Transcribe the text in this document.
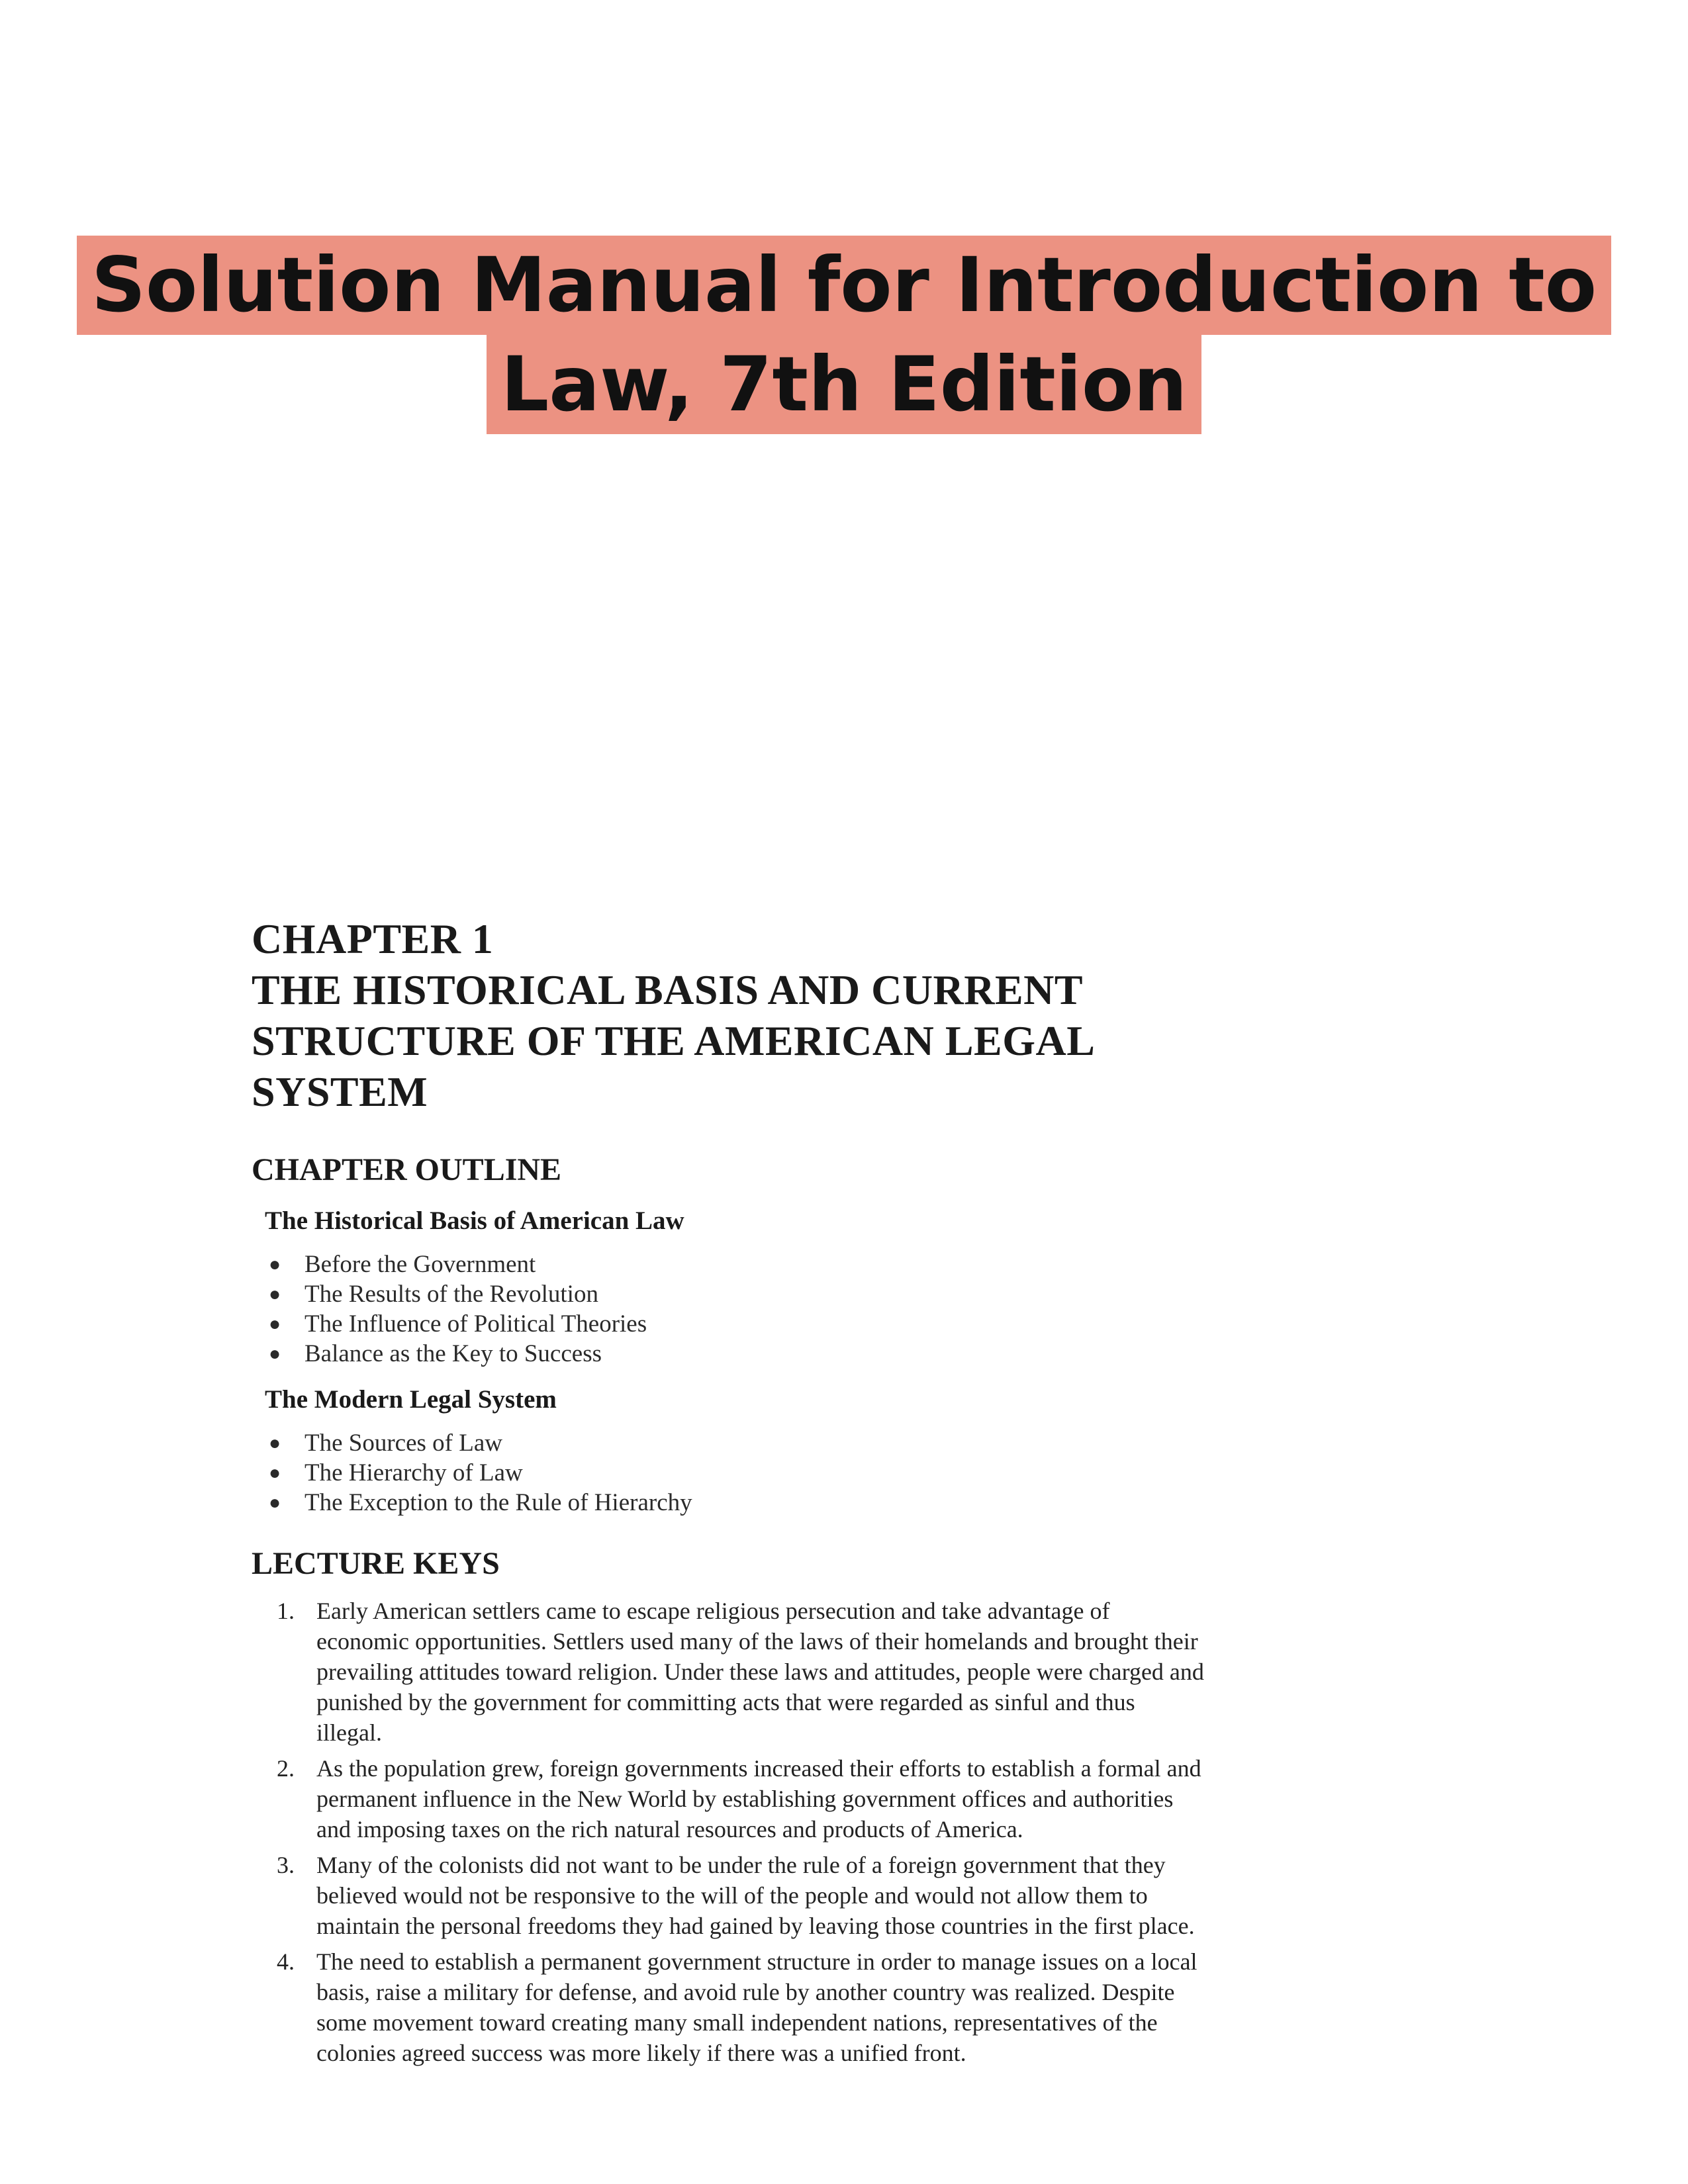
Solution Manual for Introduction to
Law, 7th Edition
CHAPTER 1
THE HISTORICAL BASIS AND CURRENT
STRUCTURE OF THE AMERICAN LEGAL
SYSTEM
CHAPTER OUTLINE
The Historical Basis of American Law
● Before the Government
● The Results of the Revolution
● The Influence of Political Theories
● Balance as the Key to Success
The Modern Legal System
● The Sources of Law
● The Hierarchy of Law
● The Exception to the Rule of Hierarchy
LECTURE KEYS
1. Early American settlers came to escape religious persecution and take advantage of economic opportunities. Settlers used many of the laws of their homelands and brought their prevailing attitudes toward religion. Under these laws and attitudes, people were charged and punished by the government for committing acts that were regarded as sinful and thus illegal.
2. As the population grew, foreign governments increased their efforts to establish a formal and permanent influence in the New World by establishing government offices and authorities and imposing taxes on the rich natural resources and products of America.
3. Many of the colonists did not want to be under the rule of a foreign government that they believed would not be responsive to the will of the people and would not allow them to maintain the personal freedoms they had gained by leaving those countries in the first place.
4. The need to establish a permanent government structure in order to manage issues on a local basis, raise a military for defense, and avoid rule by another country was realized. Despite some movement toward creating many small independent nations, representatives of the colonies agreed success was more likely if there was a unified front.
